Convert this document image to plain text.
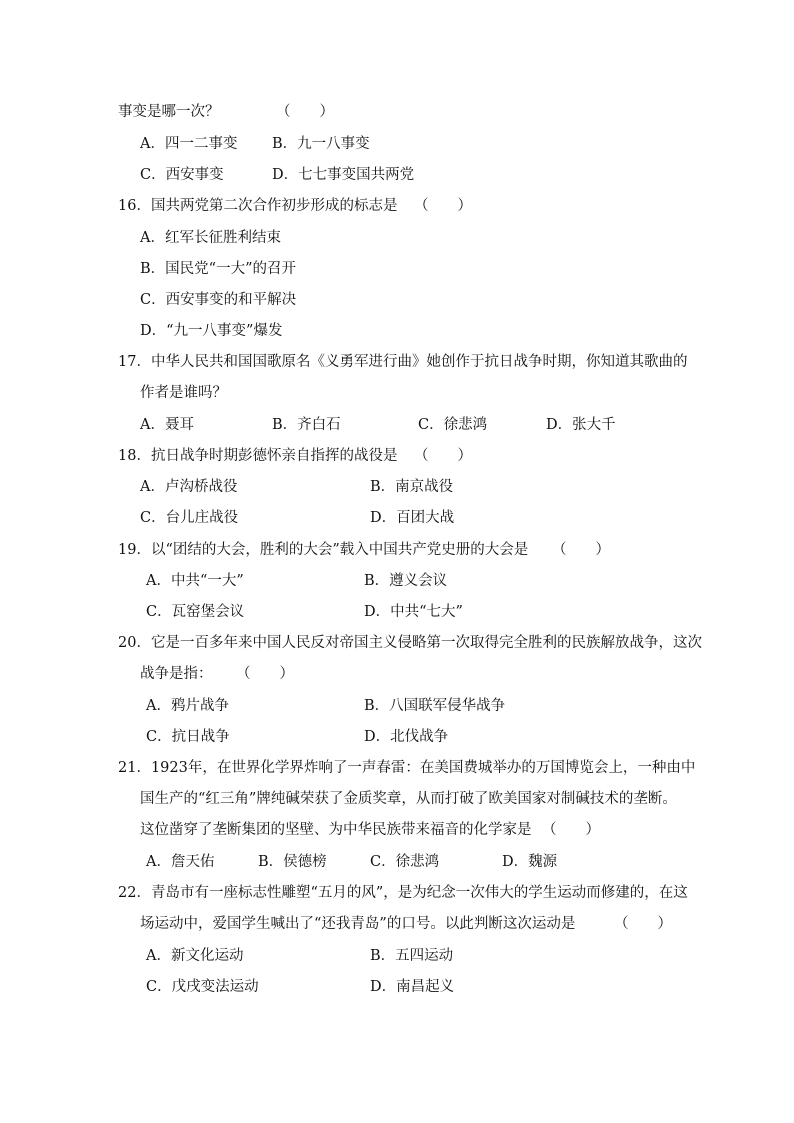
事变是哪一次？	（　　）
A．四一二事变 B．九一八事变
C．西安事变	D．七七事变国共两党
16．国共两党第二次合作初步形成的标志是 （　　）
A．红军长征胜利结束
B．国民党“一大”的召开
C．西安事变的和平解决
D．“九一八事变”爆发
17．中华人民共和国国歌原名《义勇军进行曲》她创作于抗日战争时期，你知道其歌曲的
作者是谁吗？
A．聂耳	B．齐白石	C．徐悲鸿	D．张大千
18．抗日战争时期彭德怀亲自指挥的战役是 （　　）
A．卢沟桥战役	B．南京战役
C．台儿庄战役	D．百团大战
19．以“团结的大会，胜利的大会”载入中国共产党史册的大会是 （　　）
A．中共“一大”	B．遵义会议
C．瓦窑堡会议	D．中共“七大”
20．它是一百多年来中国人民反对帝国主义侵略第一次取得完全胜利的民族解放战争，这次
战争是指： （　　）
A．鸦片战争	B．八国联军侵华战争
C．抗日战争	D．北伐战争
21．1923年，在世界化学界炸响了一声春雷：在美国费城举办的万国博览会上，一种由中
国生产的“红三角”牌纯碱荣获了金质奖章，从而打破了欧美国家对制碱技术的垄断。
这位凿穿了垄断集团的坚壁、为中华民族带来福音的化学家是 （　　）
A．詹天佑	B．侯德榜	C．徐悲鸿	D．魏源
22．青岛市有一座标志性雕塑“五月的风”，是为纪念一次伟大的学生运动而修建的，在这
场运动中，爱国学生喊出了“还我青岛”的口号。以此判断这次运动是	（　　）
A．新文化运动	B．五四运动
C．戊戌变法运动	D．南昌起义
